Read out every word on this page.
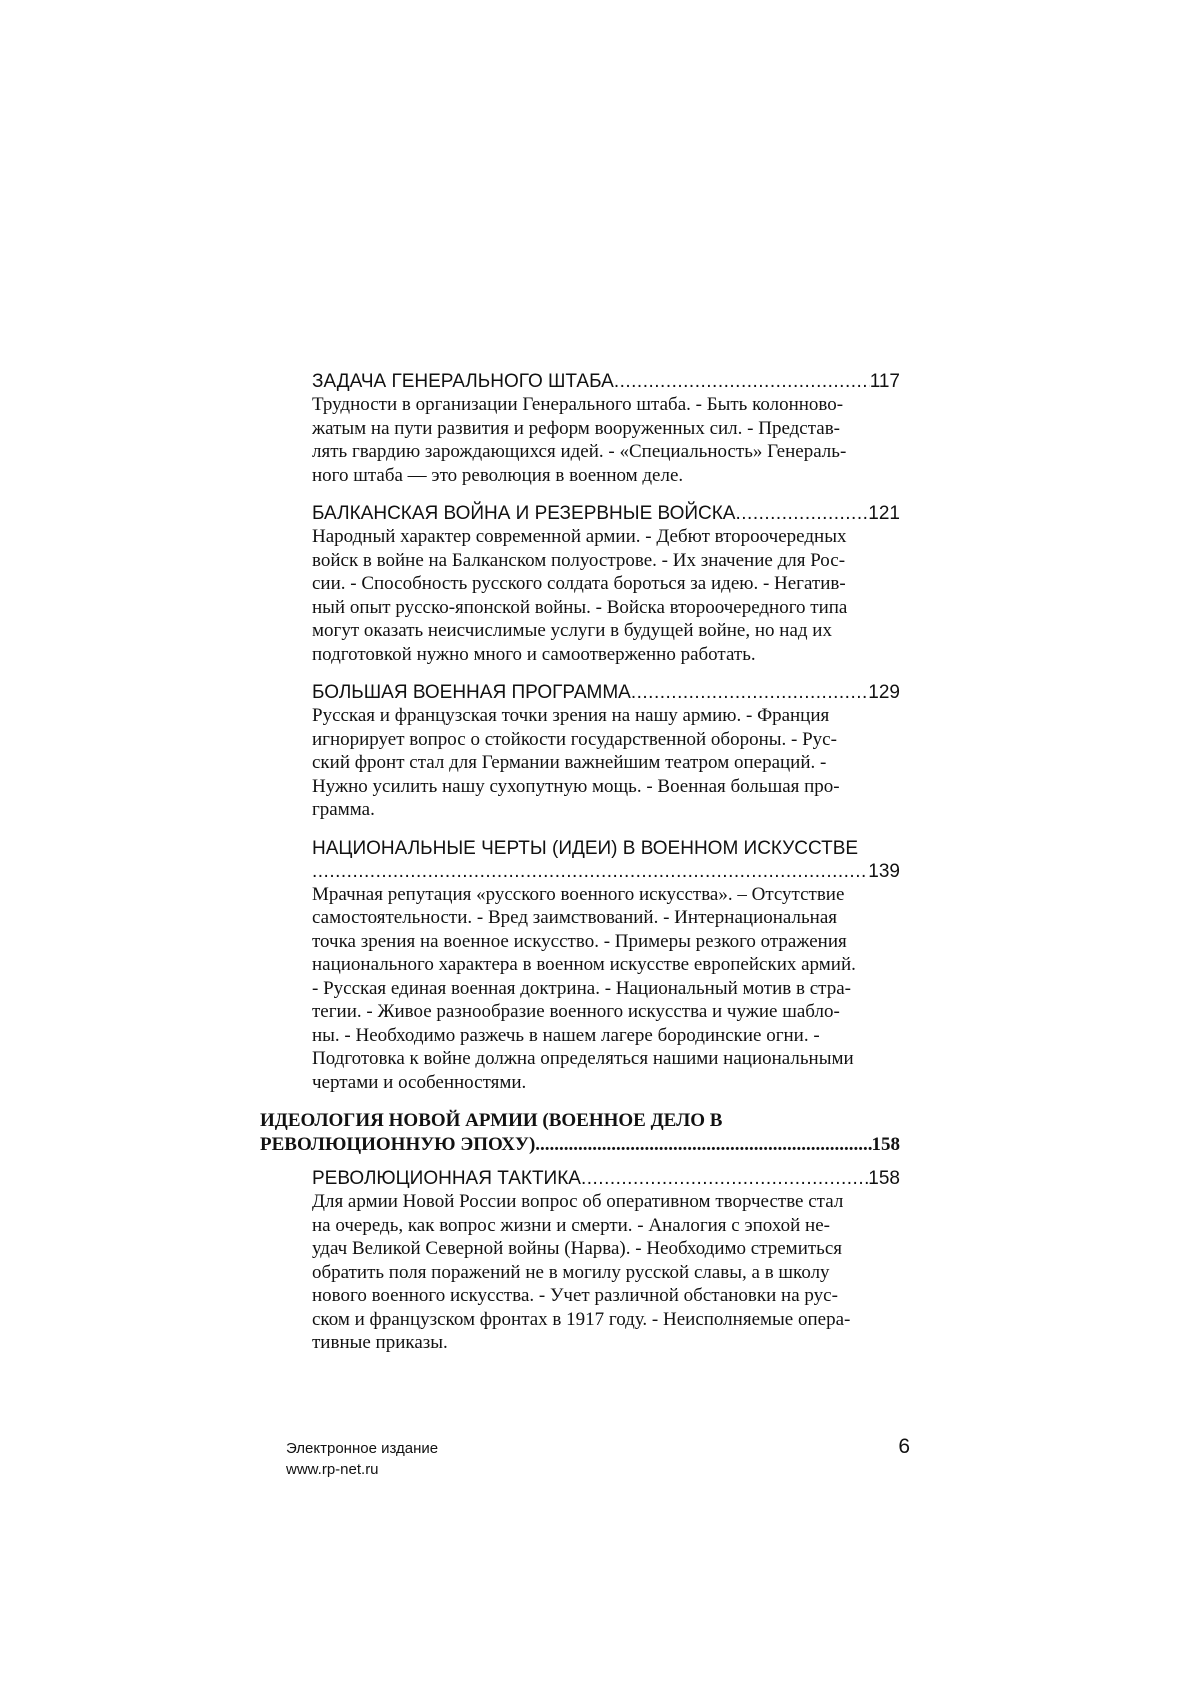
ЗАДАЧА ГЕНЕРАЛЬНОГО ШТАБА
.....	117
Трудности в организации Генерального штаба. - Быть колонново-
жатым на пути развития и реформ вооруженных сил. - Представ-
лять гвардию зарождающихся идей. - «Специальность» Генераль-
ного штаба — это революция в военном деле.
БАЛКАНСКАЯ ВОЙНА И РЕЗЕРВНЫЕ ВОЙСКА
.....	121
Народный характер современной армии. - Дебют второочередных
войск в войне на Балканском полуострове. - Их значение для Рос-
сии. - Способность русского солдата бороться за идею. - Негатив-
ный опыт русско-японской войны. - Войска второочередного типа
могут оказать неисчислимые услуги в будущей войне, но над их
подготовкой нужно много и самоотверженно работать.
БОЛЬШАЯ ВОЕННАЯ ПРОГРАММА
.....	129
Русская и французская точки зрения на нашу армию. - Франция
игнорирует вопрос о стойкости государственной обороны. - Рус-
ский фронт стал для Германии важнейшим театром операций. -
Нужно усилить нашу сухопутную мощь. - Военная большая про-
грамма.
НАЦИОНАЛЬНЫЕ ЧЕРТЫ (ИДЕИ) В ВОЕННОМ ИСКУССТВЕ
.....
139
Мрачная репутация «русского военного искусства». – Отсутствие
самостоятельности. - Вред заимствований. - Интернациональная
точка зрения на военное искусство. - Примеры резкого отражения
национального характера в военном искусстве европейских армий.
- Русская единая военная доктрина. - Национальный мотив в стра-
тегии. - Живое разнообразие военного искусства и чужие шабло-
ны. - Необходимо разжечь в нашем лагере бородинские огни. -
Подготовка к войне должна определяться нашими национальными
чертами и особенностями.
ИДЕОЛОГИЯ НОВОЙ АРМИИ (ВОЕННОЕ ДЕЛО В
РЕВОЛЮЦИОННУЮ ЭПОХУ)
.....	158
РЕВОЛЮЦИОННАЯ ТАКТИКА
.....	158
Для армии Новой России вопрос об оперативном творчестве стал
на очередь, как вопрос жизни и смерти. - Аналогия с эпохой не-
удач Великой Северной войны (Нарва). - Необходимо стремиться
обратить поля поражений не в могилу русской славы, а в школу
нового военного искусства. - Учет различной обстановки на рус-
ском и французском фронтах в 1917 году. - Неисполняемые опера-
тивные приказы.
Электронное издание
www.rp-net.ru
6
